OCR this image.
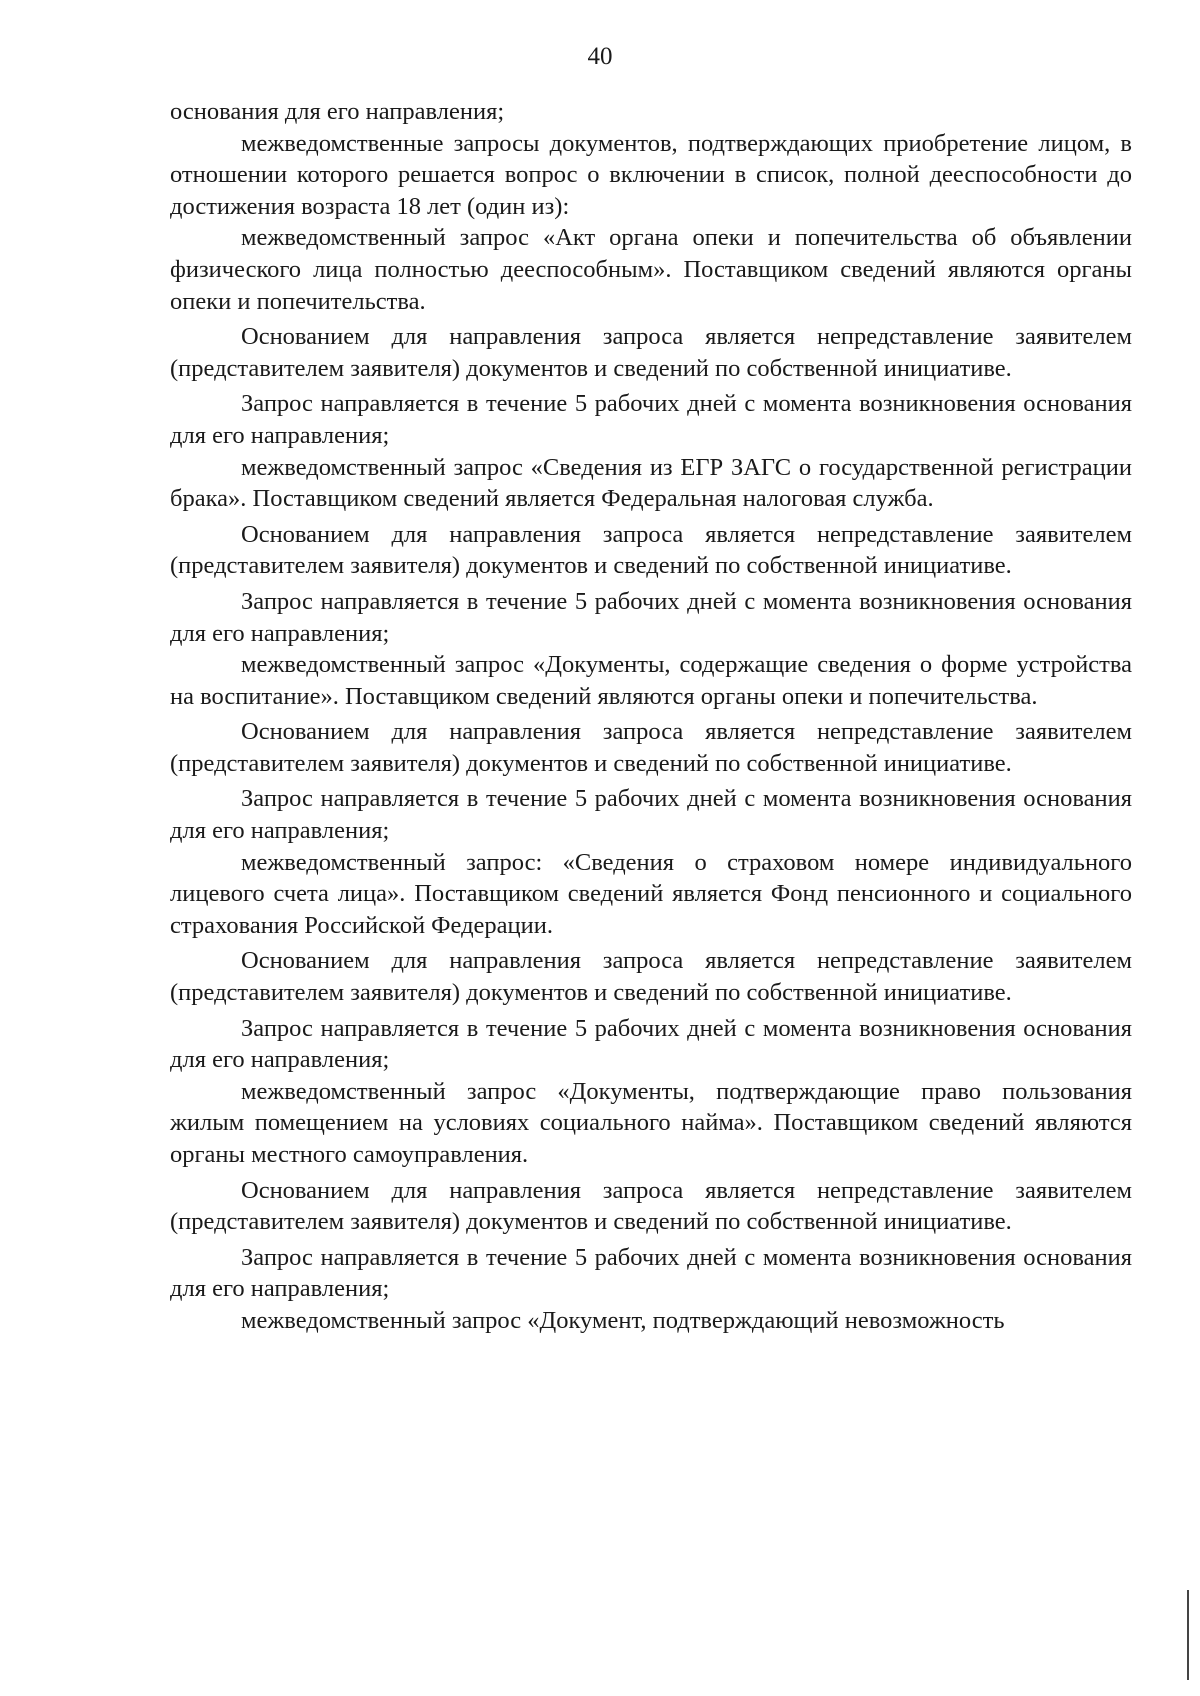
40

основания для его направления;

межведомственные запросы документов, подтверждающих приобретение лицом, в отношении которого решается вопрос о включении в список, полной дееспособности до достижения возраста 18 лет (один из):

межведомственный запрос «Акт органа опеки и попечительства об объявлении физического лица полностью дееспособным». Поставщиком сведений являются органы опеки и попечительства.

Основанием для направления запроса является непредставление заявителем (представителем заявителя) документов и сведений по собственной инициативе.

Запрос направляется в течение 5 рабочих дней с момента возникновения основания для его направления;

межведомственный запрос «Сведения из ЕГР ЗАГС о государственной регистрации брака». Поставщиком сведений является Федеральная налоговая служба.

Основанием для направления запроса является непредставление заявителем (представителем заявителя) документов и сведений по собственной инициативе.

Запрос направляется в течение 5 рабочих дней с момента возникновения основания для его направления;

межведомственный запрос «Документы, содержащие сведения о форме устройства на воспитание». Поставщиком сведений являются органы опеки и попечительства.

Основанием для направления запроса является непредставление заявителем (представителем заявителя) документов и сведений по собственной инициативе.

Запрос направляется в течение 5 рабочих дней с момента возникновения основания для его направления;

межведомственный запрос: «Сведения о страховом номере индивидуального лицевого счета лица». Поставщиком сведений является Фонд пенсионного и социального страхования Российской Федерации.

Основанием для направления запроса является непредставление заявителем (представителем заявителя) документов и сведений по собственной инициативе.

Запрос направляется в течение 5 рабочих дней с момента возникновения основания для его направления;

межведомственный запрос «Документы, подтверждающие право пользования жилым помещением на условиях социального найма». Поставщиком сведений являются органы местного самоуправления.

Основанием для направления запроса является непредставление заявителем (представителем заявителя) документов и сведений по собственной инициативе.

Запрос направляется в течение 5 рабочих дней с момента возникновения основания для его направления;

межведомственный запрос «Документ, подтверждающий невозможность
